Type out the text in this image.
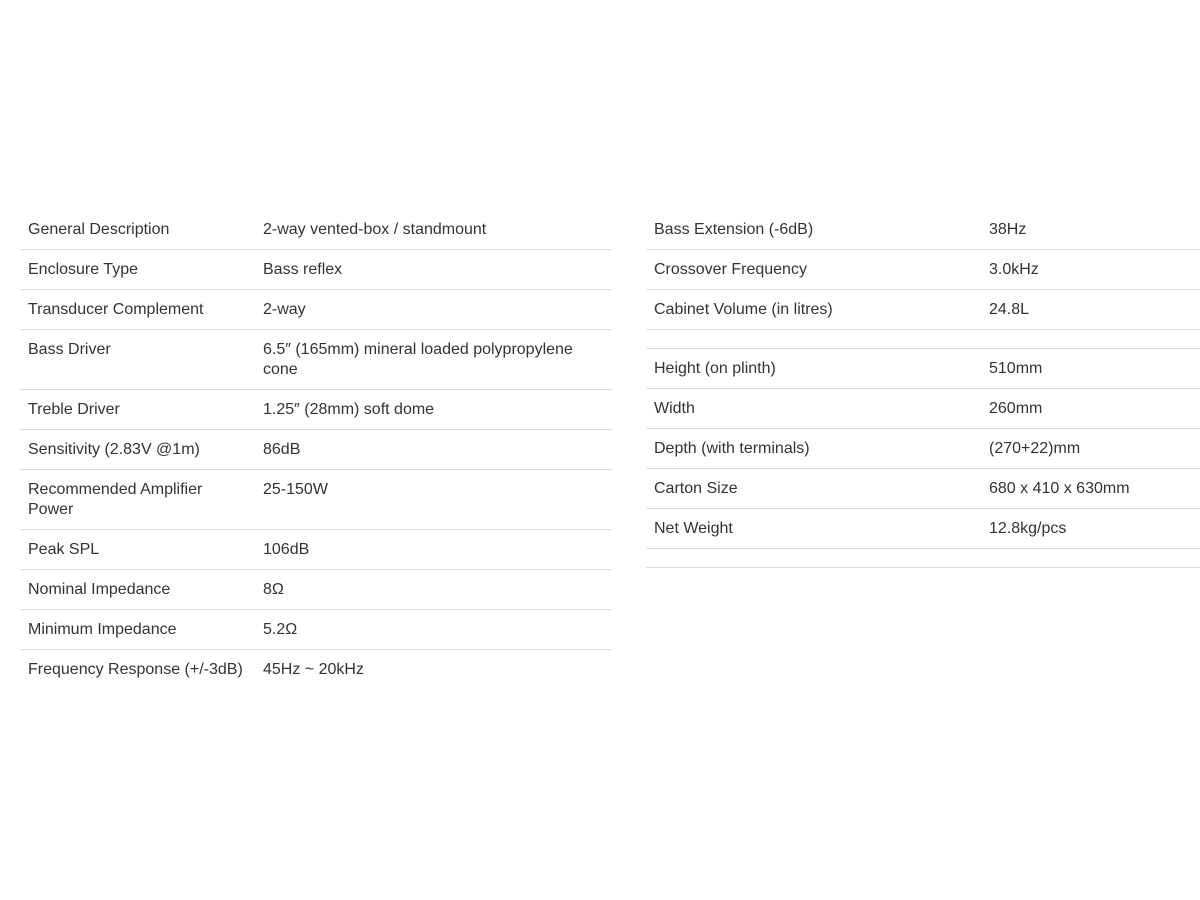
General Description	2-way vented-box / standmount
Enclosure Type	Bass reflex
Transducer Complement	2-way
Bass Driver	6.5″ (165mm) mineral loaded polypropylene cone
Treble Driver	1.25″ (28mm) soft dome
Sensitivity (2.83V @1m)	86dB
Recommended Amplifier Power	25-150W
Peak SPL	106dB
Nominal Impedance	8Ω
Minimum Impedance	5.2Ω
Frequency Response (+/-3dB)	45Hz ~ 20kHz
Bass Extension (-6dB)	38Hz
Crossover Frequency	3.0kHz
Cabinet Volume (in litres)	24.8L

Height (on plinth)	510mm
Width	260mm
Depth (with terminals)	(270+22)mm
Carton Size	680 x 410 x 630mm
Net Weight	12.8kg/pcs
